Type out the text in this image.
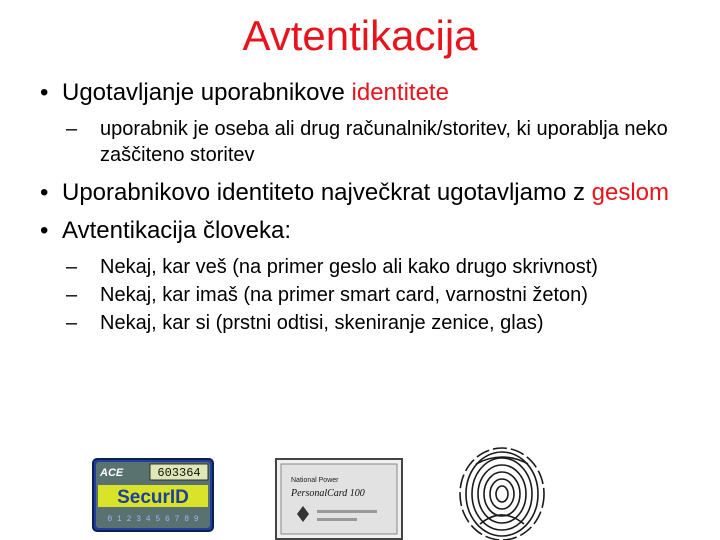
Avtentikacija
• Ugotavljanje uporabnikove identitete
– uporabnik je oseba ali drug računalnik/storitev, ki uporablja neko zaščiteno storitev
• Uporabnikovo identiteto največkrat ugotavljamo z geslom
• Avtentikacija človeka:
– Nekaj, kar veš (na primer geslo ali kako drugo skrivnost)
– Nekaj, kar imaš (na primer smart card, varnostni žeton)
– Nekaj, kar si (prstni odtisi, skeniranje zenice, glas)
ACE	603364
SecurID
0 1 2 3 4 5 6 7 8 9
National Power
PersonalCard 100
